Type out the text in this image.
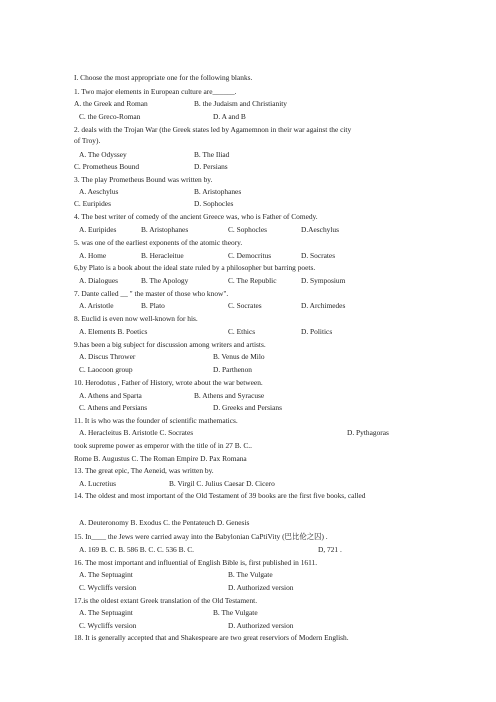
I. Choose the most appropriate one for the following blanks.
1. Two major elements in European culture are______.
A. the Greek and Roman	B. the Judaism and Christianity
C. the Greco-Roman	D. A and B
2. deals with the Trojan War (the Greek states led by Agamemnon in their war against the city
of Troy).
A. The Odyssey	B. The Iliad
C. Prometheus Bound	D. Persians
3. The play Prometheus Bound was written by.
A. Aeschylus	B. Aristophanes
C. Euripides	D. Sophocles
4. The best writer of comedy of the ancient Greece was, who is Father of Comedy.
A. Euripides	B. Aristophanes	C. Sophocles	D.Aeschylus
5. was one of the earliest exponents of the atomic theory.
A. Home	B. Heracleitue	C. Democritus	D. Socrates
6,by Plato is a book about the ideal state ruled by a philosopher but barring poets.
A. Dialogues	B. The Apology	C. The Republic	D. Symposium
7. Dante called __ " the master of those who know".
A. Aristotle	B. Plato	C. Socrates	D. Archimedes
8. Euclid is even now well-known for his.
A. Elements B. Poetics	C. Ethics	D. Politics
9.has been a big subject for discussion among writers and artists.
A. Discus Thrower	B. Venus de Milo
C. Laocoon group	D. Parthenon
10. Herodotus , Father of History, wrote about the war between.
A. Athens and Sparta	B. Athens and Syracuse
C. Athens and Persians	D. Greeks and Persians
11. It is who was the founder of scientific mathematics.
A. Heracleitus B. Aristotle C. Socrates	D. Pythagoras
took supreme power as emperor with the title of in 27 B. C..
Rome B. Augustus C. The Roman Empire D. Pax Romana
13. The great epic, The Aeneid, was written by.
A. Lucretius	B. Virgil C. Julius Caesar D. Cicero
14. The oldest and most important of the Old Testament of 39 books are the first five books, called
A. Deuteronomy B. Exodus C. the Pentateuch D. Genesis
15. In____ the Jews were carried away into the Babylonian CaPtiVity (巴比伦之囚) .
A. 169 B. C. B. 586 B. C. C. 536 B. C.	D, 721 .
16. The most important and influential of English Bible is, first published in 1611.
A. The Septuagint	B. The Vulgate
C. Wycliffs version	D. Authorized version
17.is the oldest extant Greek translation of the Old Testament.
A. The Septuagint	B. The Vulgate
C. Wycliffs version	D. Authorized version
18. It is generally accepted that and Shakespeare are two great reserviors of Modern English.
